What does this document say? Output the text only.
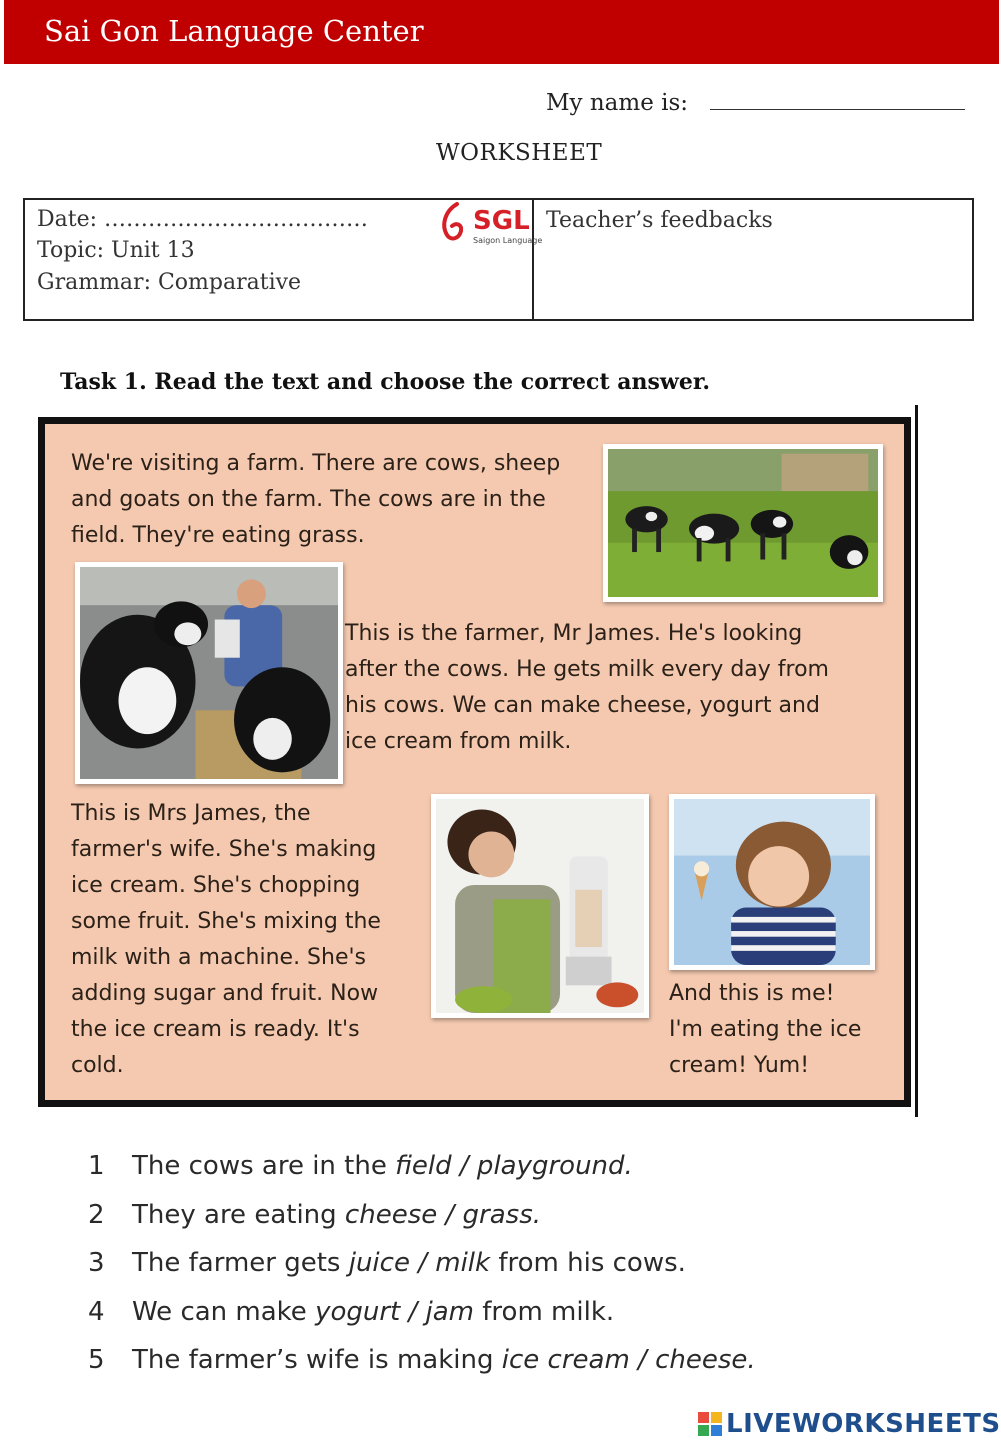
Sai Gon Language Center
My name is:
WORKSHEET
Date: ………………………………
Topic: Unit 13
Grammar: Comparative
SGL
Saigon Language
Teacher’s feedbacks
Task 1. Read the text and choose the correct answer.
We're visiting a farm. There are cows, sheep
and goats on the farm. The cows are in the
field. They're eating grass.
This is the farmer, Mr James. He's looking
after the cows. He gets milk every day from
his cows. We can make cheese, yogurt and
ice cream from milk.
This is Mrs James, the
farmer's wife. She's making
ice cream. She's chopping
some fruit. She's mixing the
milk with a machine. She's
adding sugar and fruit. Now
the ice cream is ready. It's
cold.
And this is me!
I'm eating the ice
cream! Yum!
1 The cows are in the field / playground.
2 They are eating cheese / grass.
3 The farmer gets juice / milk from his cows.
4 We can make yogurt / jam from milk.
5 The farmer’s wife is making ice cream / cheese.
LIVEWORKSHEETS
